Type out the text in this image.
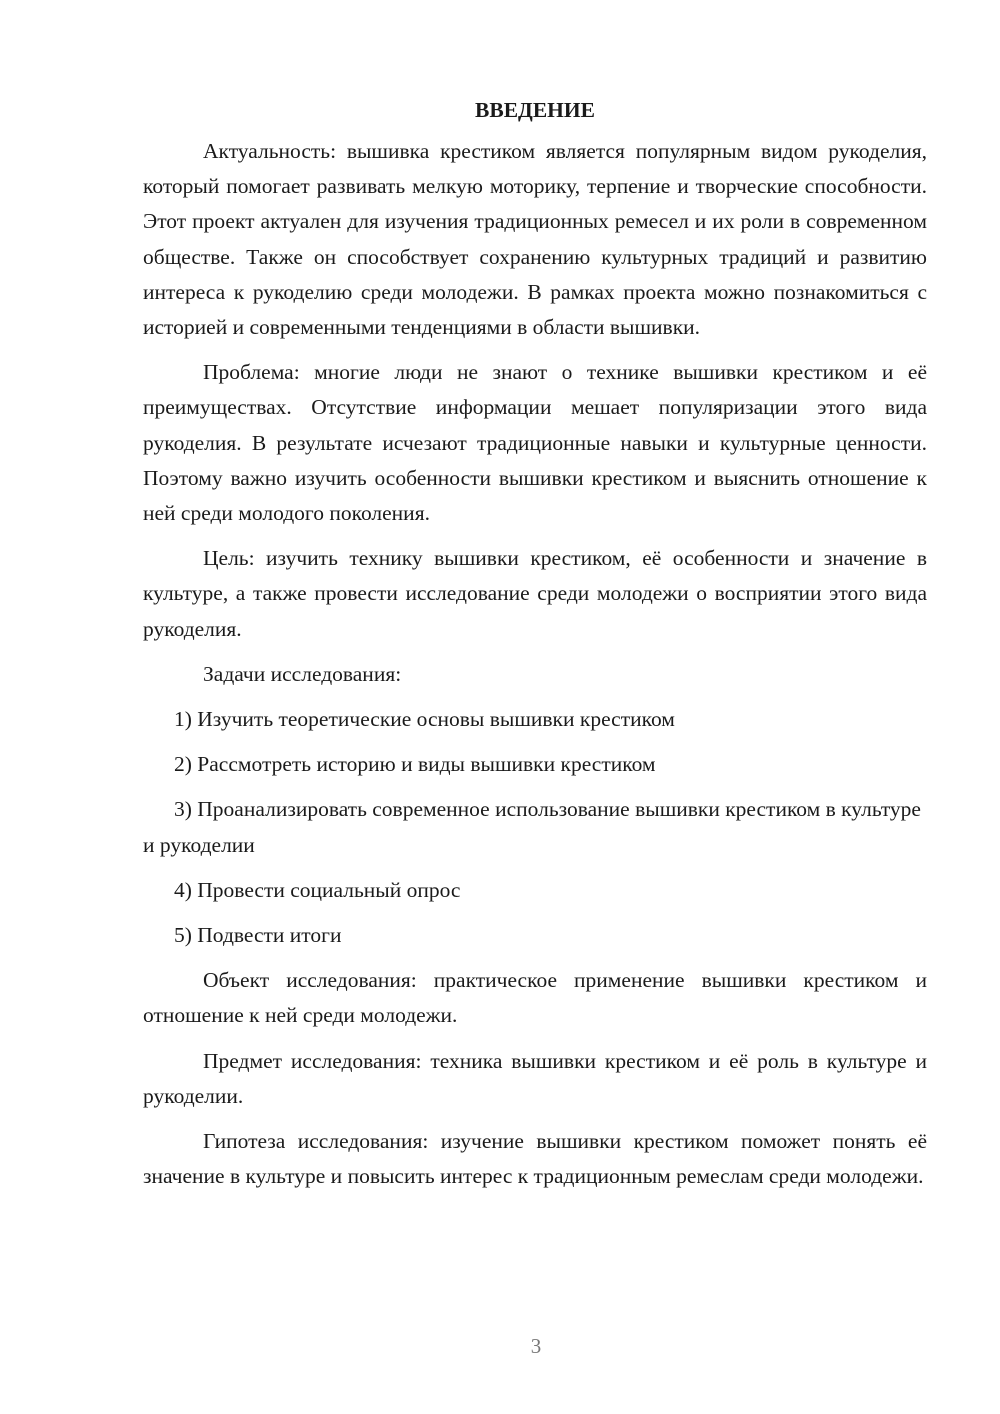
ВВЕДЕНИЕ

Актуальность: вышивка крестиком является популярным видом рукоделия, который помогает развивать мелкую моторику, терпение и творческие способности. Этот проект актуален для изучения традиционных ремесел и их роли в современном обществе. Также он способствует сохранению культурных традиций и развитию интереса к рукоделию среди молодежи. В рамках проекта можно познакомиться с историей и современными тенденциями в области вышивки.

Проблема: многие люди не знают о технике вышивки крестиком и её преимуществах. Отсутствие информации мешает популяризации этого вида рукоделия. В результате исчезают традиционные навыки и культурные ценности. Поэтому важно изучить особенности вышивки крестиком и выяснить отношение к ней среди молодого поколения.

Цель: изучить технику вышивки крестиком, её особенности и значение в культуре, а также провести исследование среди молодежи о восприятии этого вида рукоделия.

Задачи исследования:

1) Изучить теоретические основы вышивки крестиком

2) Рассмотреть историю и виды вышивки крестиком

3) Проанализировать современное использование вышивки крестиком в культуре и рукоделии

4) Провести социальный опрос

5) Подвести итоги

Объект исследования: практическое применение вышивки крестиком и отношение к ней среди молодежи.

Предмет исследования: техника вышивки крестиком и её роль в культуре и рукоделии.

Гипотеза исследования: изучение вышивки крестиком поможет понять её значение в культуре и повысить интерес к традиционным ремеслам среди молодежи.

3
